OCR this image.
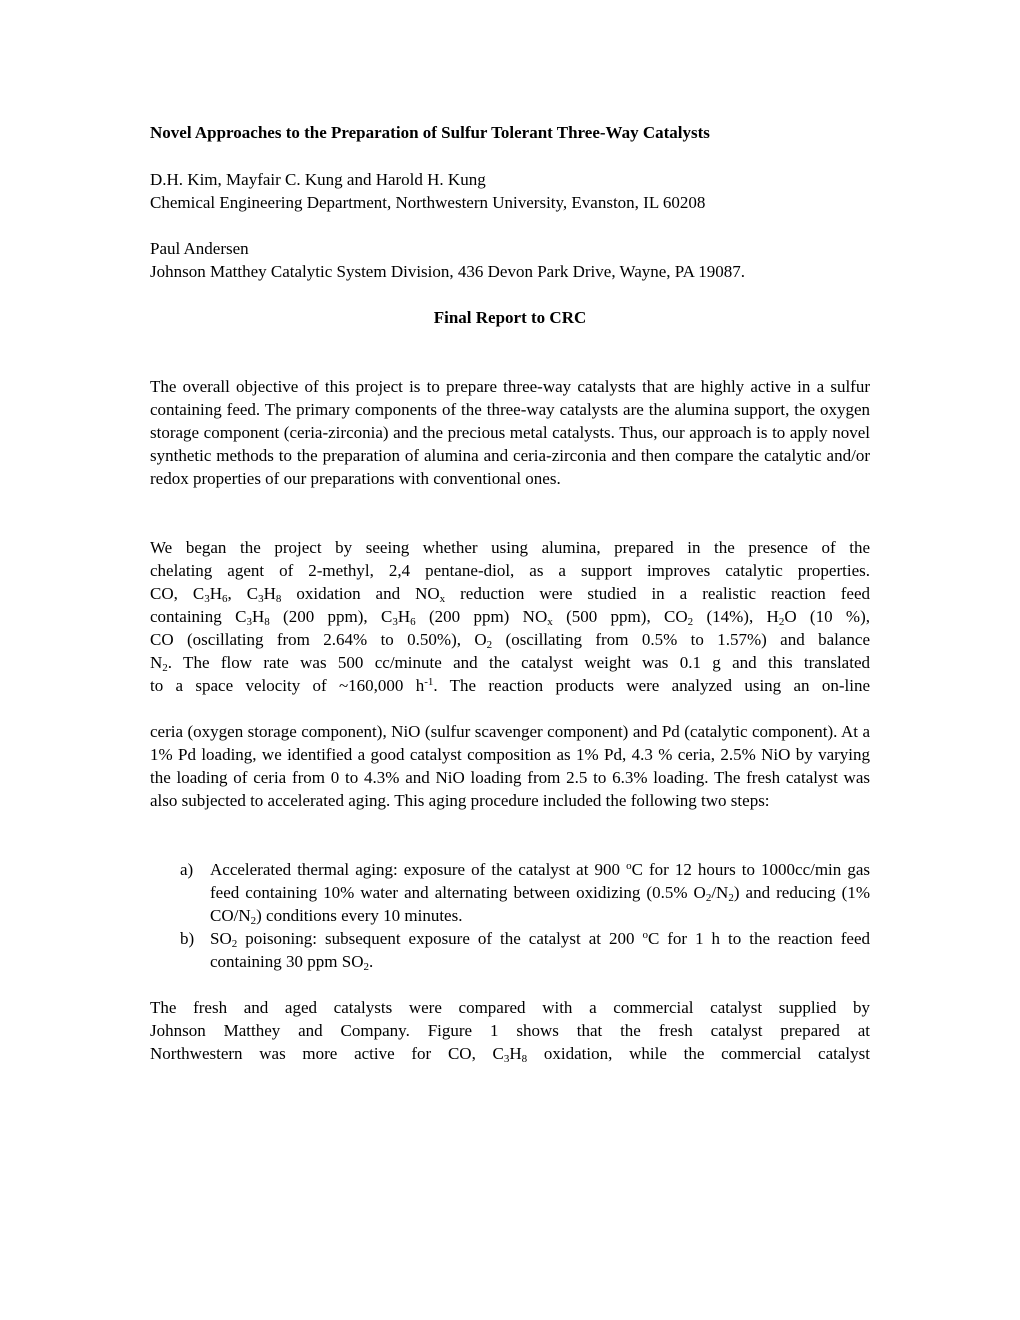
Novel Approaches to the Preparation of Sulfur Tolerant Three-Way Catalysts
D.H. Kim, Mayfair C. Kung and Harold H. Kung
Chemical Engineering Department, Northwestern University, Evanston, IL 60208
Paul Andersen
Johnson Matthey Catalytic System Division, 436 Devon Park Drive, Wayne, PA 19087.
Final Report to CRC
The overall objective of this project is to prepare three-way catalysts that are highly active in a sulfur containing feed. The primary components of the three-way catalysts are the alumina support, the oxygen storage component (ceria-zirconia) and the precious metal catalysts. Thus, our approach is to apply novel synthetic methods to the preparation of alumina and ceria-zirconia and then compare the catalytic and/or redox properties of our preparations with conventional ones.
We began the project by seeing whether using alumina, prepared in the presence of the
chelating agent of 2-methyl, 2,4 pentane-diol, as a support improves catalytic properties.
CO, $C_3H_6$, $C_3H_8$ oxidation and $NO_x$ reduction were studied in a realistic reaction feed
containing $C_3H_8$ (200 ppm), $C_3H_6$ (200 ppm) $NO_x$ (500 ppm), $CO_2$ (14%), $H_2O$ (10 %),
CO (oscillating from 2.64% to 0.50%), $O_2$ (oscillating from 0.5% to 1.57%) and balance
$N_2$. The flow rate was 500 cc/minute and the catalyst weight was 0.1 g and this translated
to a space velocity of ~160,000 $h^{-1}$. The reaction products were analyzed using an on-line
ceria (oxygen storage component), NiO (sulfur scavenger component) and Pd (catalytic component). At a 1% Pd loading, we identified a good catalyst composition as 1% Pd, 4.3 % ceria, 2.5% NiO by varying the loading of ceria from 0 to 4.3% and NiO loading from 2.5 to 6.3% loading. The fresh catalyst was also subjected to accelerated aging. This aging procedure included the following two steps:
a) Accelerated thermal aging: exposure of the catalyst at 900 $^o$C for 12 hours to 1000cc/min gas feed containing 10% water and alternating between oxidizing (0.5% $O_2/N_2$) and reducing (1% $CO/N_2$) conditions every 10 minutes.
b) $SO_2$ poisoning: subsequent exposure of the catalyst at 200 $^o$C for 1 h to the reaction feed containing 30 ppm $SO_2$.
The fresh and aged catalysts were compared with a commercial catalyst supplied by
Johnson Matthey and Company. Figure 1 shows that the fresh catalyst prepared at
Northwestern was more active for CO, $C_3H_8$ oxidation, while the commercial catalyst
